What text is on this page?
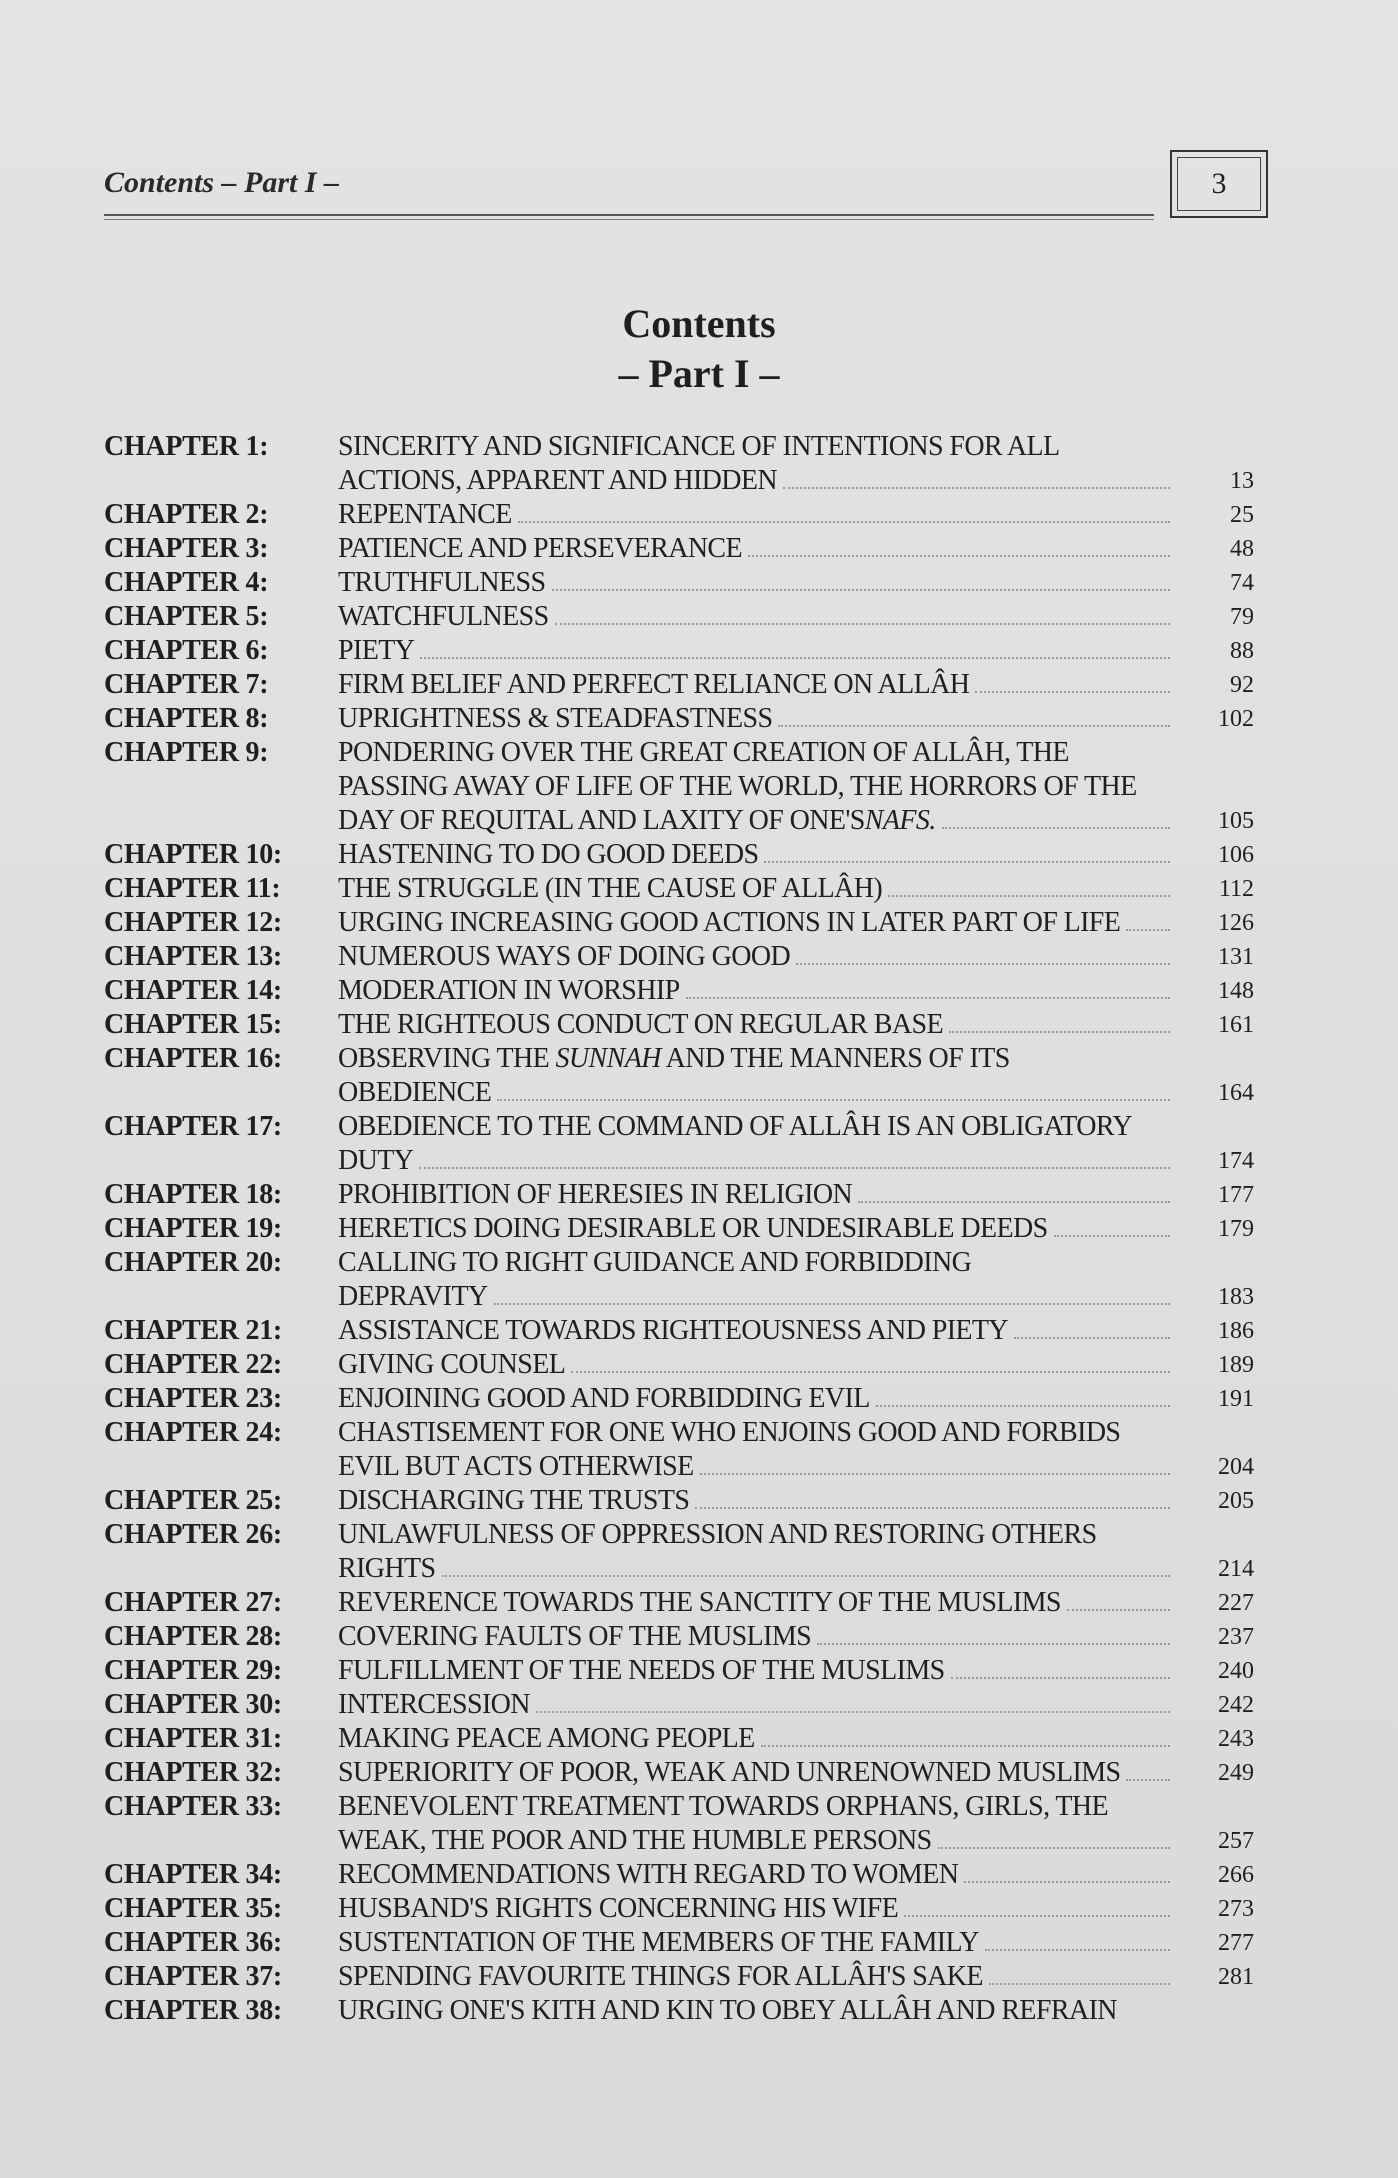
Contents – Part I –	3
Contents
– Part I –
CHAPTER 1:	SINCERITY AND SIGNIFICANCE OF INTENTIONS FOR ALL
ACTIONS, APPARENT AND HIDDEN	13
CHAPTER 2:	REPENTANCE	25
CHAPTER 3:	PATIENCE AND PERSEVERANCE	48
CHAPTER 4:	TRUTHFULNESS	74
CHAPTER 5:	WATCHFULNESS	79
CHAPTER 6:	PIETY	88
CHAPTER 7:	FIRM BELIEF AND PERFECT RELIANCE ON ALLÂH	92
CHAPTER 8:	UPRIGHTNESS & STEADFASTNESS	102
CHAPTER 9:	PONDERING OVER THE GREAT CREATION OF ALLÂH, THE
PASSING AWAY OF LIFE OF THE WORLD, THE HORRORS OF THE
DAY OF REQUITAL AND LAXITY OF ONE'S NAFS.	105
CHAPTER 10:	HASTENING TO DO GOOD DEEDS	106
CHAPTER 11:	THE STRUGGLE (IN THE CAUSE OF ALLÂH)	112
CHAPTER 12:	URGING INCREASING GOOD ACTIONS IN LATER PART OF LIFE	126
CHAPTER 13:	NUMEROUS WAYS OF DOING GOOD	131
CHAPTER 14:	MODERATION IN WORSHIP	148
CHAPTER 15:	THE RIGHTEOUS CONDUCT ON REGULAR BASE	161
CHAPTER 16:	OBSERVING THE SUNNAH AND THE MANNERS OF ITS
OBEDIENCE	164
CHAPTER 17:	OBEDIENCE TO THE COMMAND OF ALLÂH IS AN OBLIGATORY
DUTY	174
CHAPTER 18:	PROHIBITION OF HERESIES IN RELIGION	177
CHAPTER 19:	HERETICS DOING DESIRABLE OR UNDESIRABLE DEEDS	179
CHAPTER 20:	CALLING TO RIGHT GUIDANCE AND FORBIDDING
DEPRAVITY	183
CHAPTER 21:	ASSISTANCE TOWARDS RIGHTEOUSNESS AND PIETY	186
CHAPTER 22:	GIVING COUNSEL	189
CHAPTER 23:	ENJOINING GOOD AND FORBIDDING EVIL	191
CHAPTER 24:	CHASTISEMENT FOR ONE WHO ENJOINS GOOD AND FORBIDS
EVIL BUT ACTS OTHERWISE	204
CHAPTER 25:	DISCHARGING THE TRUSTS	205
CHAPTER 26:	UNLAWFULNESS OF OPPRESSION AND RESTORING OTHERS
RIGHTS	214
CHAPTER 27:	REVERENCE TOWARDS THE SANCTITY OF THE MUSLIMS	227
CHAPTER 28:	COVERING FAULTS OF THE MUSLIMS	237
CHAPTER 29:	FULFILLMENT OF THE NEEDS OF THE MUSLIMS	240
CHAPTER 30:	INTERCESSION	242
CHAPTER 31:	MAKING PEACE AMONG PEOPLE	243
CHAPTER 32:	SUPERIORITY OF POOR, WEAK AND UNRENOWNED MUSLIMS	249
CHAPTER 33:	BENEVOLENT TREATMENT TOWARDS ORPHANS, GIRLS, THE
WEAK, THE POOR AND THE HUMBLE PERSONS	257
CHAPTER 34:	RECOMMENDATIONS WITH REGARD TO WOMEN	266
CHAPTER 35:	HUSBAND'S RIGHTS CONCERNING HIS WIFE	273
CHAPTER 36:	SUSTENTATION OF THE MEMBERS OF THE FAMILY	277
CHAPTER 37:	SPENDING FAVOURITE THINGS FOR ALLÂH'S SAKE	281
CHAPTER 38:	URGING ONE'S KITH AND KIN TO OBEY ALLÂH AND REFRAIN
